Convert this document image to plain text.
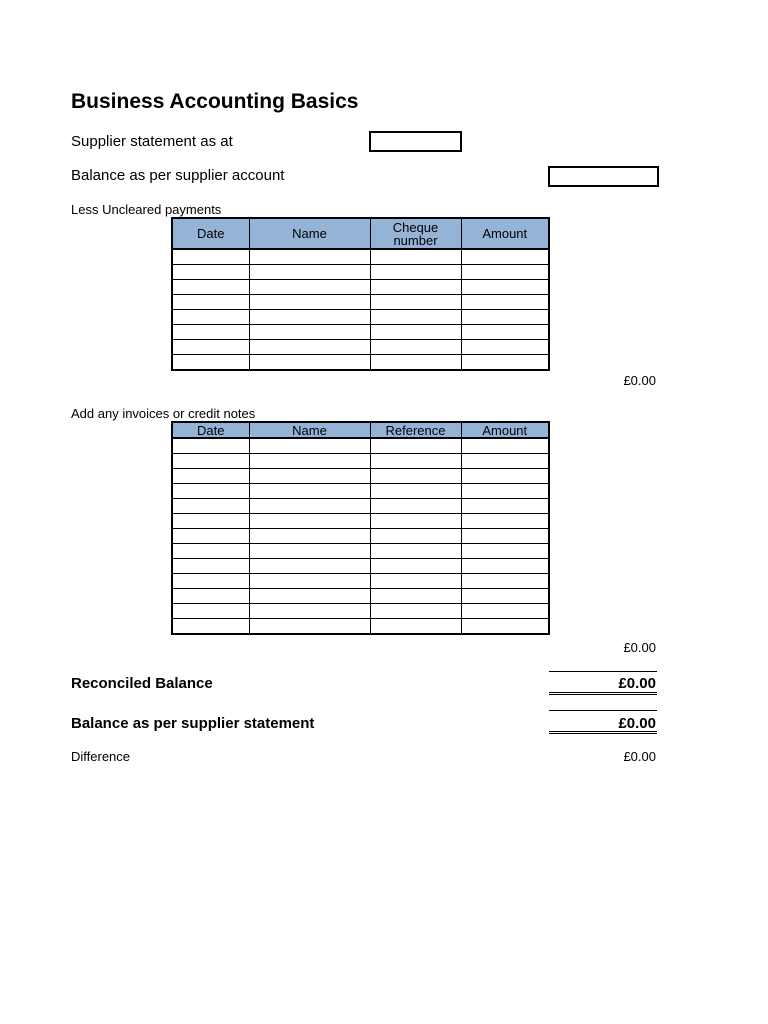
Business Accounting Basics
Supplier statement as at
Balance as per supplier account
Less Uncleared payments
Date	Name	Cheque number	Amount

£0.00
Add any invoices or credit notes
Date	Name	Reference	Amount

£0.00
Reconciled Balance	£0.00
Balance as per supplier statement	£0.00
Difference	£0.00
